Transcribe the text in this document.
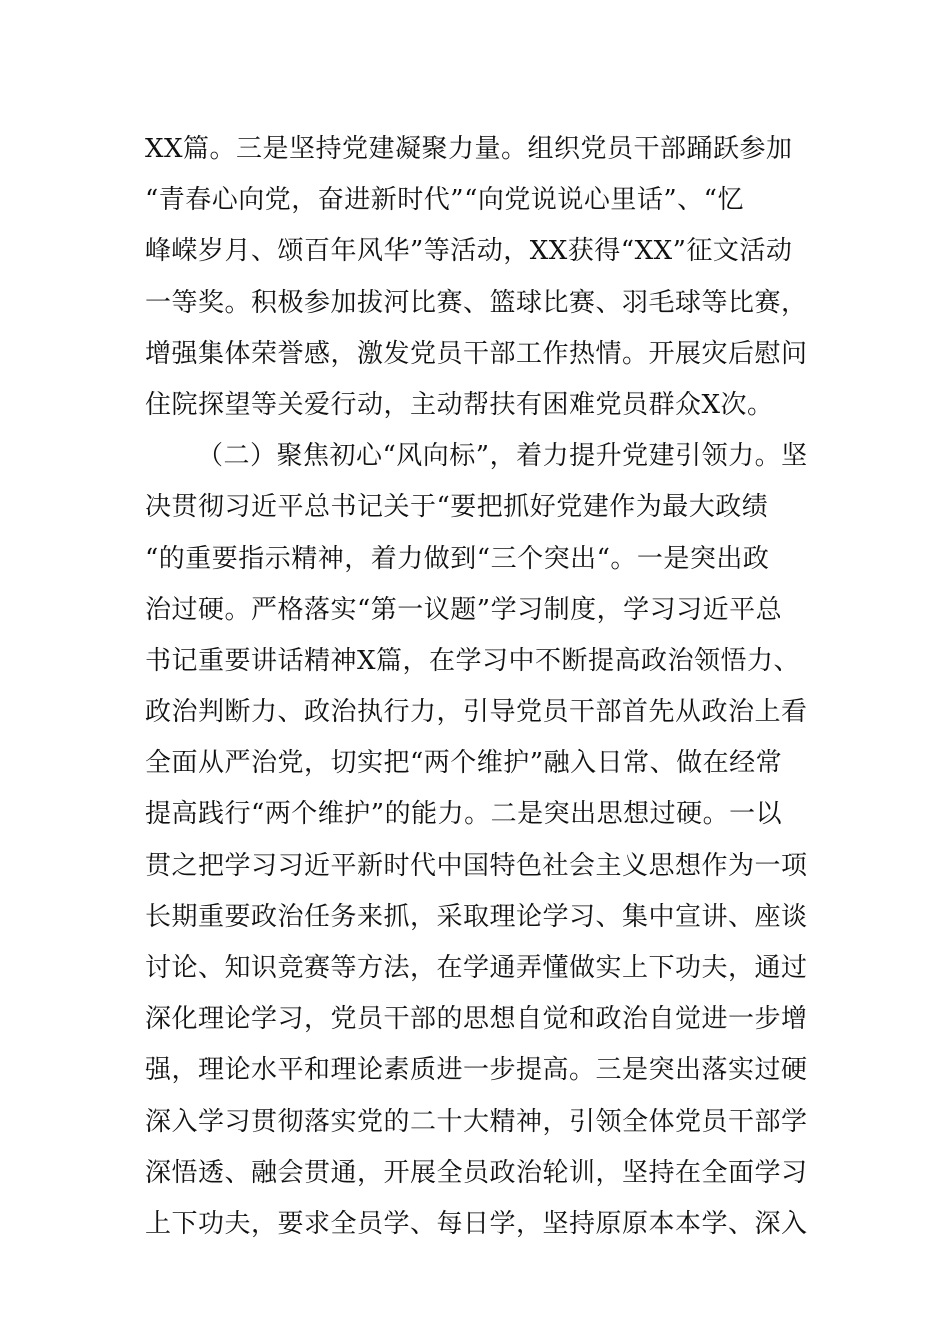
XX篇。三是坚持党建凝聚力量。组织党员干部踊跃参加
“青春心向党，奋进新时代”“向党说说心里话”、“忆
峰嵘岁月、颂百年风华”等活动，XX获得“XX”征文活动
一等奖。积极参加拔河比赛、篮球比赛、羽毛球等比赛，
增强集体荣誉感，激发党员干部工作热情。开展灾后慰问
住院探望等关爱行动，主动帮扶有困难党员群众X次。
（二）聚焦初心“风向标”，着力提升党建引领力。坚
决贯彻习近平总书记关于“要把抓好党建作为最大政绩
“的重要指示精神，着力做到“三个突出“。一是突出政
治过硬。严格落实“第一议题”学习制度，学习习近平总
书记重要讲话精神X篇，在学习中不断提高政治领悟力、
政治判断力、政治执行力，引导党员干部首先从政治上看
全面从严治党，切实把“两个维护”融入日常、做在经常
提高践行“两个维护”的能力。二是突出思想过硬。一以
贯之把学习习近平新时代中国特色社会主义思想作为一项
长期重要政治任务来抓，采取理论学习、集中宣讲、座谈
讨论、知识竞赛等方法，在学通弄懂做实上下功夫，通过
深化理论学习，党员干部的思想自觉和政治自觉进一步增
强，理论水平和理论素质进一步提高。三是突出落实过硬
深入学习贯彻落实党的二十大精神，引领全体党员干部学
深悟透、融会贯通，开展全员政治轮训，坚持在全面学习
上下功夫，要求全员学、每日学，坚持原原本本学、深入
